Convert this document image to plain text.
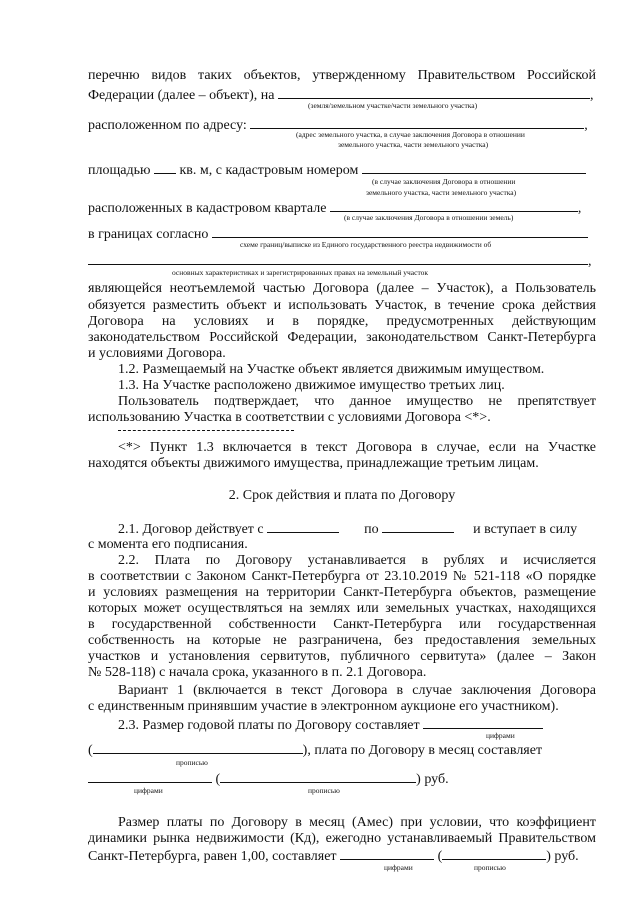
перечню видов таких объектов, утвержденному Правительством Российской
Федерации (далее – объект), на	,
(земля/земельном участке/части земельного участка)
расположенном по адресу:	,
(адрес земельного участка, в случае заключения Договора в отношении
земельного участка, части земельного участка)
площадью кв. м, с кадастровым номером
(в случае заключения Договора в отношении
земельного участка, части земельного участка)
расположенных в кадастровом квартале	,
(в случае заключения Договора в отношении земель)
в границах согласно
схеме границ/выписке из Единого государственного реестра недвижимости об
,
основных характеристиках и зарегистрированных правах на земельный участок
являющейся неотъемлемой частью Договора (далее – Участок), а Пользователь
обязуется разместить объект и использовать Участок, в течение срока действия
Договора на условиях и в порядке, предусмотренных действующим
законодательством Российской Федерации, законодательством Санкт-Петербурга
и условиями Договора.
1.2. Размещаемый на Участке объект является движимым имуществом.
1.3. На Участке расположено движимое имущество третьих лиц.
Пользователь подтверждает, что данное имущество не препятствует
использованию Участка в соответствии с условиями Договора <*>.
<*> Пункт 1.3 включается в текст Договора в случае, если на Участке
находятся объекты движимого имущества, принадлежащие третьим лицам.
2. Срок действия и плата по Договору
2.1. Договор действует с	по	и вступает в силу
с момента его подписания.
2.2. Плата по Договору устанавливается в рублях и исчисляется
в соответствии с Законом Санкт-Петербурга от 23.10.2019 № 521-118 «О порядке
и условиях размещения на территории Санкт-Петербурга объектов, размещение
которых может осуществляться на землях или земельных участках, находящихся
в государственной собственности Санкт-Петербурга или государственная
собственность на которые не разграничена, без предоставления земельных
участков и установления сервитутов, публичного сервитута» (далее – Закон
№ 528-118) с начала срока, указанного в п. 2.1 Договора.
Вариант 1 (включается в текст Договора в случае заключения Договора
с единственным принявшим участие в электронном аукционе его участником).
2.3. Размер годовой платы по Договору составляет
цифрами
(	), плата по Договору в месяц составляет
прописью
(	) руб.
цифрами	прописью
Размер платы по Договору в месяц (Амес) при условии, что коэффициент
динамики рынка недвижимости (Кд), ежегодно устанавливаемый Правительством
Санкт-Петербурга, равен 1,00, составляет	(	) руб.
цифрами	прописью
